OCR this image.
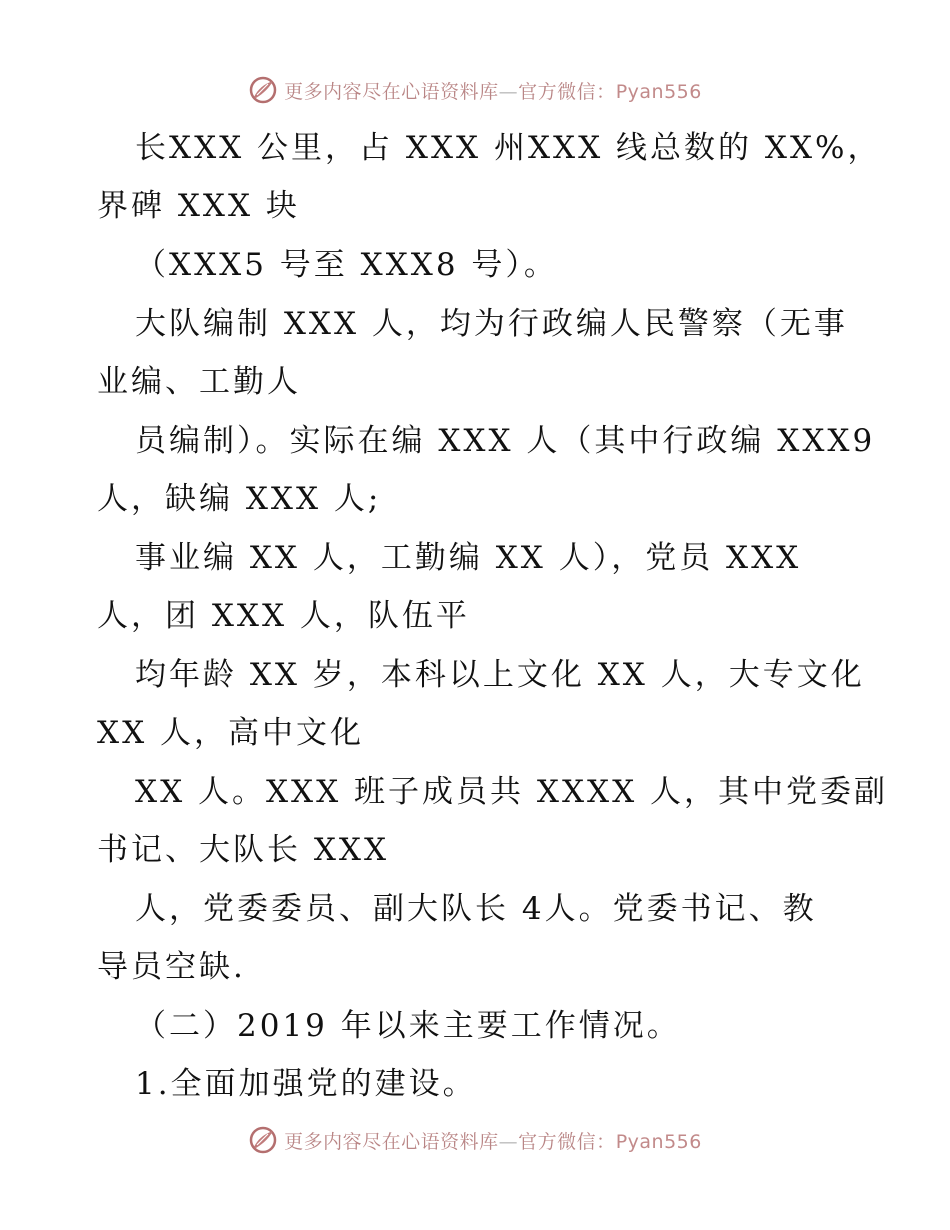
更多内容尽在心语资料库—官方微信：Pyan556
长XXX 公里，占 XXX 州XXX 线总数的 XX%，
界碑 XXX 块
（XXX5 号至 XXX8 号）。
大队编制 XXX 人，均为行政编人民警察（无事
业编、工勤人
员编制）。实际在编 XXX 人（其中行政编 XXX9
人，缺编 XXX 人;
事业编 XX 人，工勤编 XX 人），党员 XXX
人，团 XXX 人，队伍平
均年龄 XX 岁，本科以上文化 XX 人，大专文化
XX 人，高中文化
XX 人。XXX 班子成员共 XXXX 人，其中党委副
书记、大队长 XXX
人，党委委员、副大队长 4人。党委书记、教
导员空缺.
（二）2019 年以来主要工作情况。
1.全面加强党的建设。
更多内容尽在心语资料库—官方微信：Pyan556
